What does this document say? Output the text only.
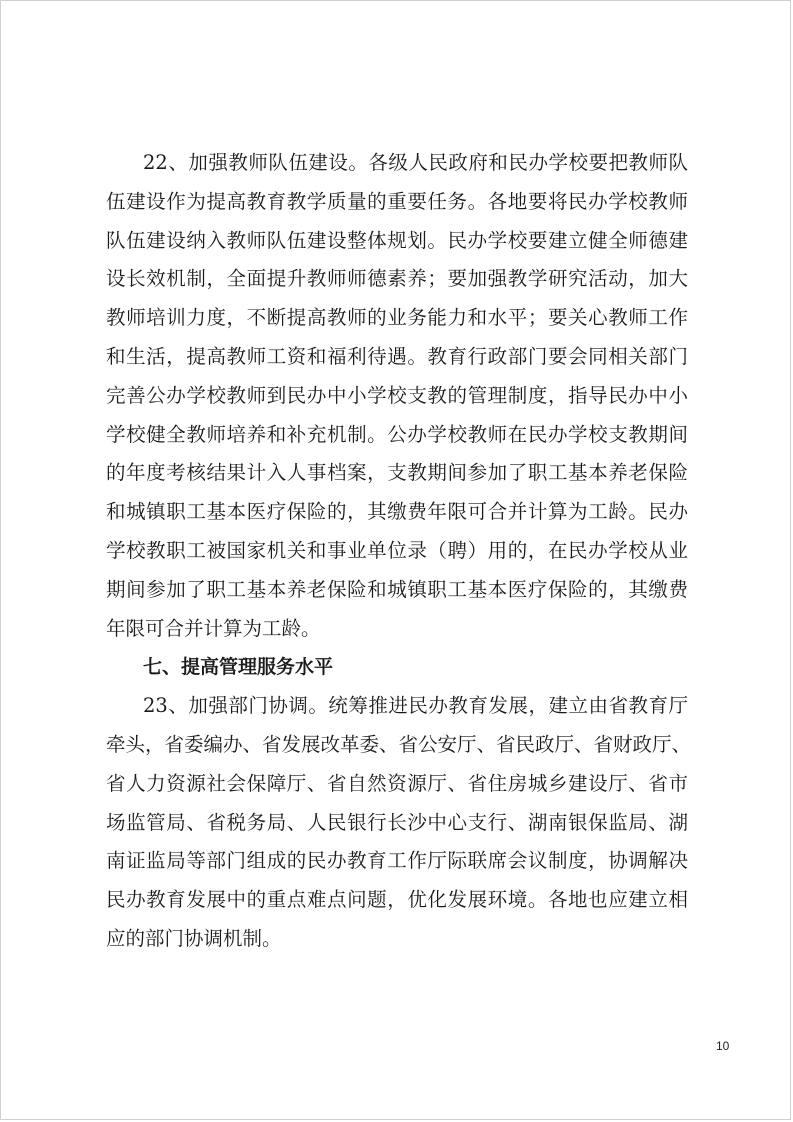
22、加强教师队伍建设。各级人民政府和民办学校要把教师队
伍建设作为提高教育教学质量的重要任务。各地要将民办学校教师
队伍建设纳入教师队伍建设整体规划。民办学校要建立健全师德建
设长效机制，全面提升教师师德素养；要加强教学研究活动，加大
教师培训力度，不断提高教师的业务能力和水平；要关心教师工作
和生活，提高教师工资和福利待遇。教育行政部门要会同相关部门
完善公办学校教师到民办中小学校支教的管理制度，指导民办中小
学校健全教师培养和补充机制。公办学校教师在民办学校支教期间
的年度考核结果计入人事档案，支教期间参加了职工基本养老保险
和城镇职工基本医疗保险的，其缴费年限可合并计算为工龄。民办
学校教职工被国家机关和事业单位录（聘）用的，在民办学校从业
期间参加了职工基本养老保险和城镇职工基本医疗保险的，其缴费
年限可合并计算为工龄。
七、提高管理服务水平
23、加强部门协调。统筹推进民办教育发展，建立由省教育厅
牵头，省委编办、省发展改革委、省公安厅、省民政厅、省财政厅、
省人力资源社会保障厅、省自然资源厅、省住房城乡建设厅、省市
场监管局、省税务局、人民银行长沙中心支行、湖南银保监局、湖
南证监局等部门组成的民办教育工作厅际联席会议制度，协调解决
民办教育发展中的重点难点问题，优化发展环境。各地也应建立相
应的部门协调机制。
10
